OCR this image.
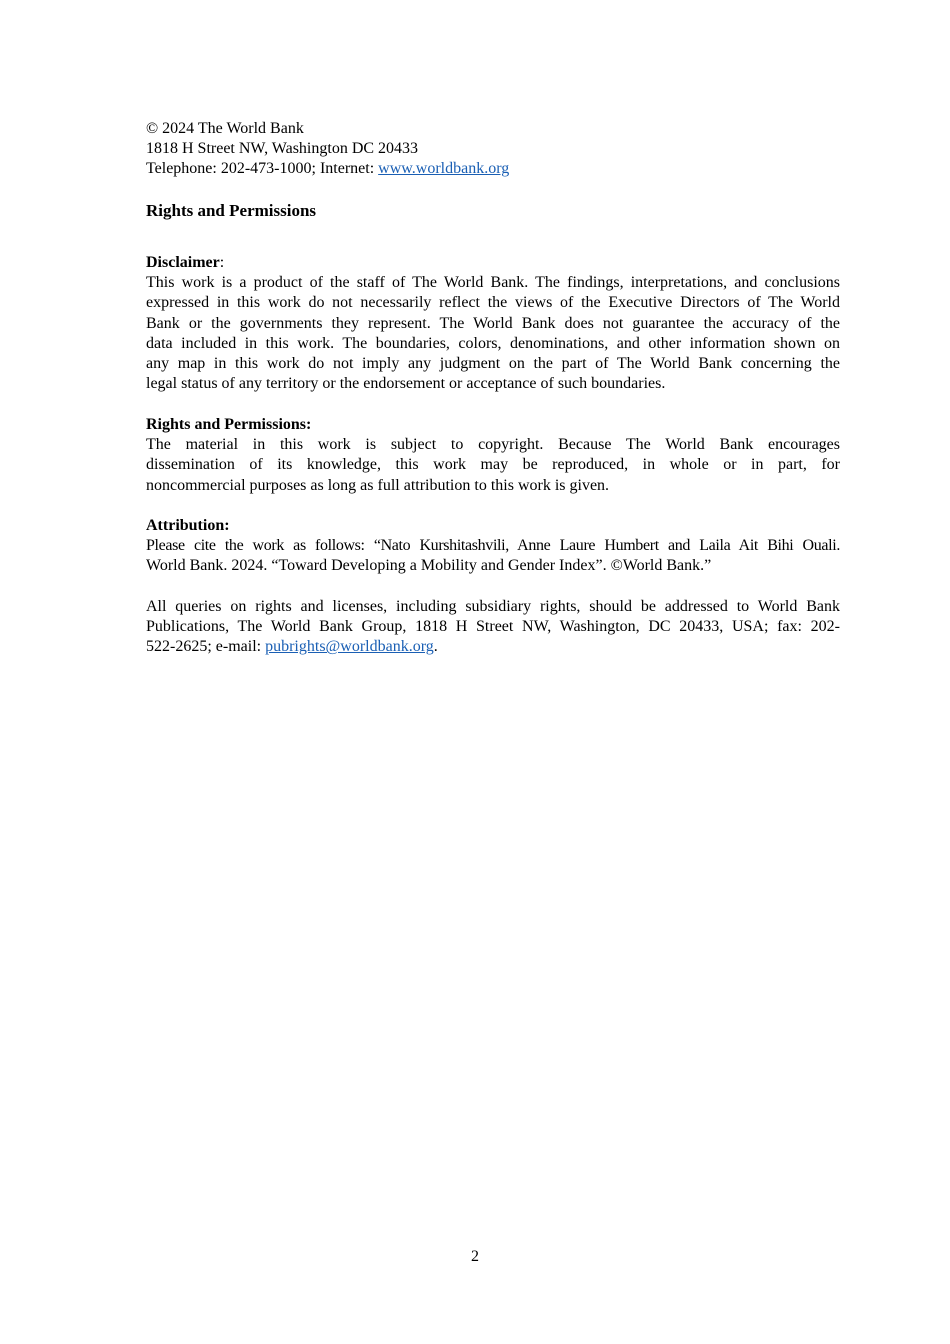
© 2024 The World Bank
1818 H Street NW, Washington DC 20433
Telephone: 202-473-1000; Internet: www.worldbank.org
Rights and Permissions
Disclaimer:
This work is a product of the staff of The World Bank. The findings, interpretations, and conclusions
expressed in this work do not necessarily reflect the views of the Executive Directors of The World
Bank or the governments they represent. The World Bank does not guarantee the accuracy of the
data included in this work. The boundaries, colors, denominations, and other information shown on
any map in this work do not imply any judgment on the part of The World Bank concerning the
legal status of any territory or the endorsement or acceptance of such boundaries.
Rights and Permissions:
The material in this work is subject to copyright. Because The World Bank encourages
dissemination of its knowledge, this work may be reproduced, in whole or in part, for
noncommercial purposes as long as full attribution to this work is given.
Attribution:
Please cite the work as follows: “Nato Kurshitashvili, Anne Laure Humbert and Laila Ait Bihi Ouali.
World Bank. 2024. “Toward Developing a Mobility and Gender Index”. ©World Bank.”
All queries on rights and licenses, including subsidiary rights, should be addressed to World Bank
Publications, The World Bank Group, 1818 H Street NW, Washington, DC 20433, USA; fax: 202-
522-2625; e-mail: pubrights@worldbank.org.
2
